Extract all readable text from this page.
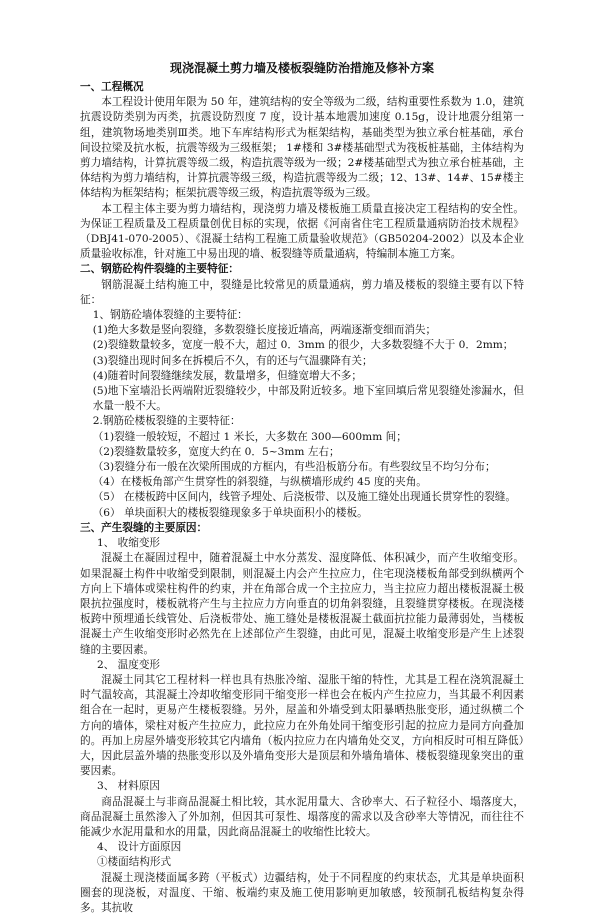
现浇混凝土剪力墙及楼板裂缝防治措施及修补方案
一、工程概况
本工程设计使用年限为 50 年，建筑结构的安全等级为二级，结构重要性系数为 1.0，建筑抗震设防类别为丙类，抗震设防烈度 7 度，设计基本地震加速度 0.15g，设计地震分组第一组，建筑物场地类别Ⅲ类。地下车库结构形式为框架结构，基础类型为独立承台桩基础，承台间设拉梁及抗水板，抗震等级为三级框架； 1#楼和 3#楼基础型式为筏板桩基础，主体结构为剪力墙结构，计算抗震等级二级，构造抗震等级为一级；2#楼基础型式为独立承台桩基础，主体结构为剪力墙结构，计算抗震等级三级，构造抗震等级为二级；12、13#、14#、15#楼主体结构为框架结构；框架抗震等级三级，构造抗震等级为三级。
本工程主体主要为剪力墙结构，现浇剪力墙及楼板施工质量直接决定工程结构的安全性。为保证工程质量及工程质量创优目标的实现，依据《河南省住宅工程质量通病防治技术规程》（DBJ41-070-2005）、《混凝土结构工程施工质量验收规范》（GB50204-2002）以及本企业质量验收标准，针对施工中易出现的墙、板裂缝等质量通病，特编制本施工方案。
二、钢筋砼构件裂缝的主要特征：
钢筋混凝土结构施工中，裂缝是比较常见的质量通病，剪力墙及楼板的裂缝主要有以下特征：
1、钢筋砼墙体裂缝的主要特征：
(1)绝大多数是竖向裂缝，多数裂缝长度接近墙高，两端逐渐变细而消失；
(2)裂缝数量较多，宽度一般不大，超过 0．3mm 的很少，大多数裂缝不大于 0．2mm；
(3)裂缝出现时间多在拆模后不久，有的还与气温骤降有关；
(4)随着时间裂缝继续发展，数量增多，但缝宽增大不多；
(5)地下室墙沿长两端附近裂缝较少，中部及附近较多。地下室回填后常见裂缝处渗漏水，但水量一般不大。
2.钢筋砼楼板裂缝的主要特征：
（1)裂缝一般较短，不超过 1 米长，大多数在 300—600mm 间；
（2)裂缝数量较多，宽度大约在 0．5~3mm 左右；
（3)裂缝分布一般在次梁所围成的方框内，有些沿板筋分布。有些裂纹呈不均匀分布；
（4）在楼板角部产生贯穿性的斜裂缝，与纵横墙形成约 45 度的夹角。
（5） 在楼板跨中区间内，线管予埋处、后浇板带、以及施工缝处出现通长贯穿性的裂缝。
（6） 单块面积大的楼板裂缝现象多于单块面积小的楼板。
三、产生裂缝的主要原因：
1、 收缩变形
混凝土在凝固过程中，随着混凝土中水分蒸发、湿度降低、体积减少，而产生收缩变形。如果混凝土构件中收缩受到限制，则混凝土内会产生拉应力，住宅现浇楼板角部受到纵横两个方向上下墙体或梁柱构件的约束，并在角部合成一个主拉应力，当主拉应力超出楼板混凝土极限抗拉强度时，楼板就将产生与主拉应力方向垂直的切角斜裂缝，且裂缝贯穿楼板。在现浇楼板跨中预埋通长线管处、后浇板带处、施工缝处是楼板混凝土截面抗拉能力最薄弱处，当楼板混凝土产生收缩变形时必然先在上述部位产生裂缝，由此可见，混凝土收缩变形是产生上述裂缝的主要因素。
2、 温度变形
混凝土同其它工程材料一样也具有热胀冷缩、湿胀干缩的特性，尤其是工程在浇筑混凝土时气温较高，其混凝土冷却收缩变形同干缩变形一样也会在板内产生拉应力，当其最不利因素组合在一起时，更易产生楼板裂缝。另外，屋盖和外墙受到太阳暴晒热胀变形，通过纵横二个方向的墙体，梁柱对板产生拉应力，此拉应力在外角处同干缩变形引起的拉应力是同方向叠加的。再加上房屋外墙变形较其它内墙角（板内拉应力在内墙角处交叉，方向相反时可相互降低）大，因此层盖外墙的热胀变形以及外墙角变形大是顶层和外墙角墙体、楼板裂缝现象突出的重要因素。
3、 材料原因
商品混凝土与非商品混凝土相比较，其水泥用量大、含砂率大、石子粒径小、塌落度大，商品混凝土虽然渗入了外加剂，但因其可泵性、塌落度的需求以及含砂率大等情况，而往往不能减少水泥用量和水的用量，因此商品混凝土的收缩性比较大。
4、 设计方面原因
①楼面结构形式
混凝土现浇楼面属多跨（平板式）边疆结构，处于不同程度的约束状态，尤其是单块面积圈套的现浇板，对温度、干缩、板端约束及施工使用影响更加敏感，较预制孔板结构复杂得多。其抗收
